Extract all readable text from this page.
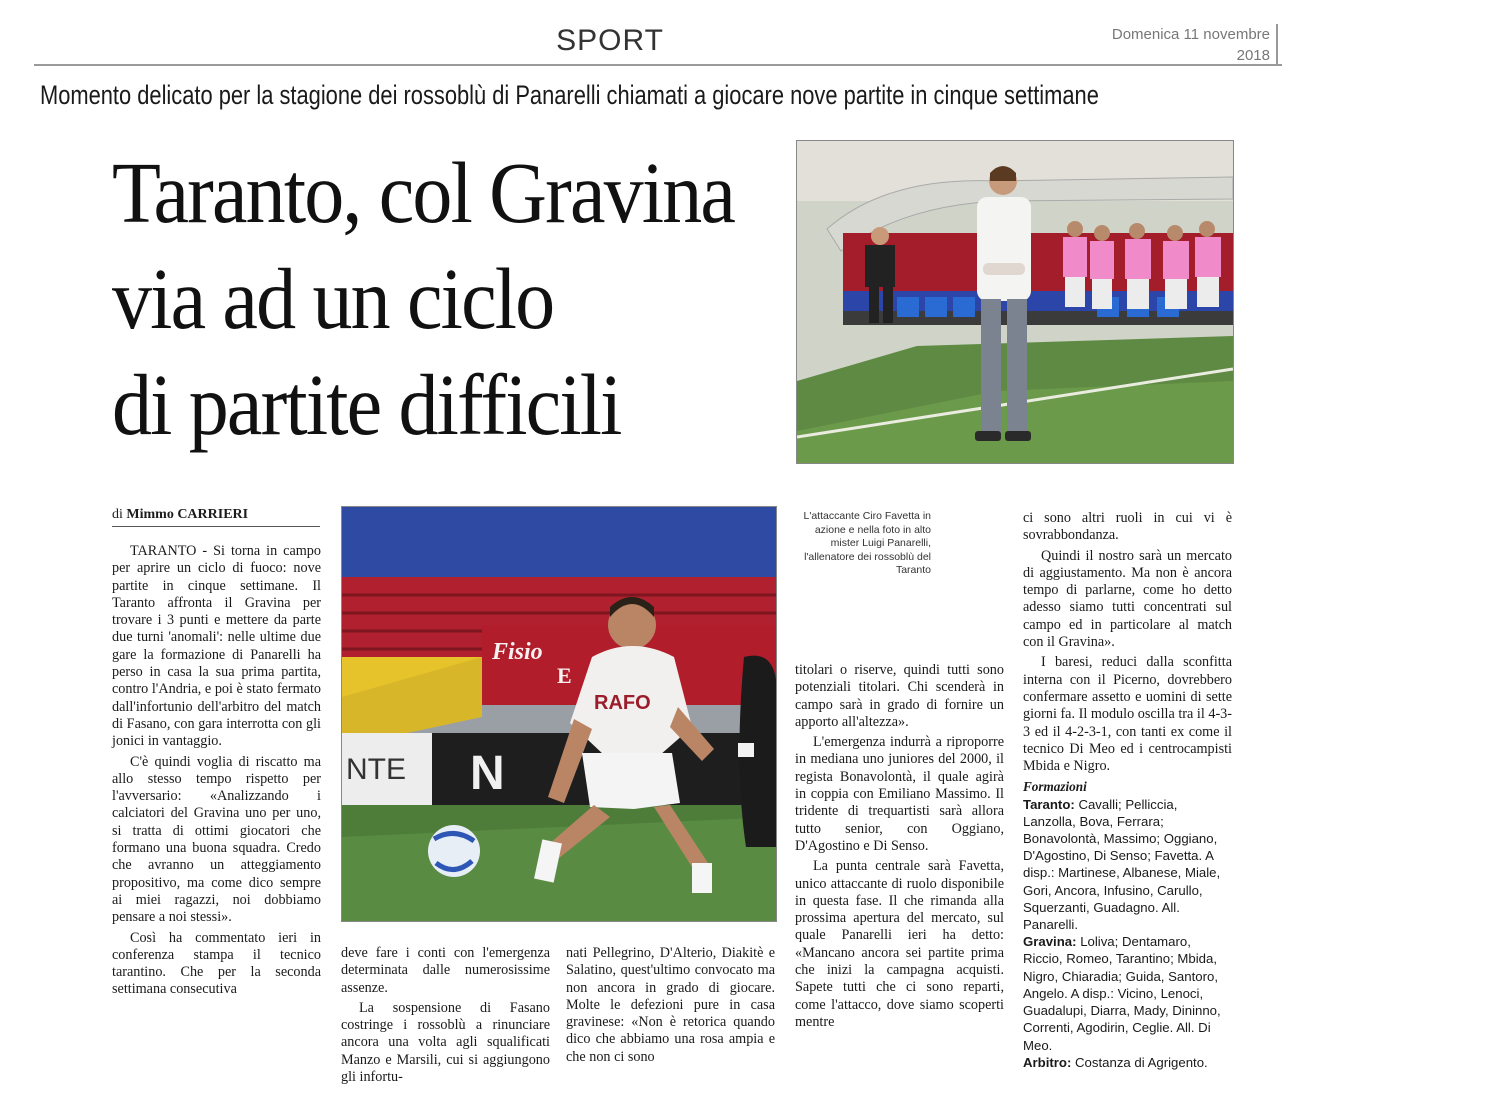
SPORT	Domenica 11 novembre
2018
Momento delicato per la stagione dei rossoblù di Panarelli chiamati a giocare nove partite in cinque settimane
Taranto, col Gravina
via ad un ciclo
di partite difficili
di Mimmo CARRIERI
Fisio
E
NTE N
RAFO
L'attaccante Ciro Favetta in azione e nella foto in alto mister Luigi Panarelli, l'allenatore dei rossoblù del Taranto

TARANTO - Si torna in campo per aprire un ciclo di fuoco: nove partite in cinque settimane. Il Taranto affronta il Gravina per trovare i 3 punti e mettere da parte due turni 'anomali': nelle ultime due gare la formazione di Panarelli ha perso in casa la sua prima partita, contro l'Andria, e poi è stato fermato dall'infortunio dell'arbitro del match di Fasano, con gara interrotta con gli jonici in vantaggio.

C'è quindi voglia di riscatto ma allo stesso tempo rispetto per l'avversario: «Analizzando i calciatori del Gravina uno per uno, si tratta di ottimi giocatori che formano una buona squadra. Credo che avranno un atteggiamento propositivo, ma come dico sempre ai miei ragazzi, noi dobbiamo pensare a noi stessi».

Così ha commentato ieri in conferenza stampa il tecnico tarantino. Che per la seconda settimana consecutiva

deve fare i conti con l'emergenza determinata dalle numerosissime assenze.

La sospensione di Fasano costringe i rossoblù a rinunciare ancora una volta agli squalificati Manzo e Marsili, cui si aggiungono gli infortu-

nati Pellegrino, D'Alterio, Diakitè e Salatino, quest'ultimo convocato ma non ancora in grado di giocare. Molte le defezioni pure in casa gravinese: «Non è retorica quando dico che abbiamo una rosa ampia e che non ci sono

titolari o riserve, quindi tutti sono potenziali titolari. Chi scenderà in campo sarà in grado di fornire un apporto all'altezza».

L'emergenza indurrà a riproporre in mediana uno juniores del 2000, il regista Bonavolontà, il quale agirà in coppia con Emiliano Massimo. Il tridente di trequartisti sarà allora tutto senior, con Oggiano, D'Agostino e Di Senso.

La punta centrale sarà Favetta, unico attaccante di ruolo disponibile in questa fase. Il che rimanda alla prossima apertura del mercato, sul quale Panarelli ieri ha detto: «Mancano ancora sei partite prima che inizi la campagna acquisti. Sapete tutti che ci sono reparti, come l'attacco, dove siamo scoperti mentre

ci sono altri ruoli in cui vi è sovrabbondanza.

Quindi il nostro sarà un mercato di aggiustamento. Ma non è ancora tempo di parlarne, come ho detto adesso siamo tutti concentrati sul campo ed in particolare al match con il Gravina».

I baresi, reduci dalla sconfitta interna con il Picerno, dovrebbero confermare assetto e uomini di sette giorni fa. Il modulo oscilla tra il 4-3-3 ed il 4-2-3-1, con tanti ex come il tecnico Di Meo ed i centrocampisti Mbida e Nigro.

Formazioni

Taranto: Cavalli; Pelliccia, Lanzolla, Bova, Ferrara; Bonavolontà, Massimo; Oggiano, D'Agostino, Di Senso; Favetta. A disp.: Martinese, Albanese, Miale, Gori, Ancora, Infusino, Carullo, Squerzanti, Guadagno. All. Panarelli.

Gravina: Loliva; Dentamaro, Riccio, Romeo, Tarantino; Mbida, Nigro, Chiaradia; Guida, Santoro, Angelo. A disp.: Vicino, Lenoci, Guadalupi, Diarra, Mady, Dininno, Correnti, Agodirin, Ceglie. All. Di Meo.

Arbitro: Costanza di Agrigento.
